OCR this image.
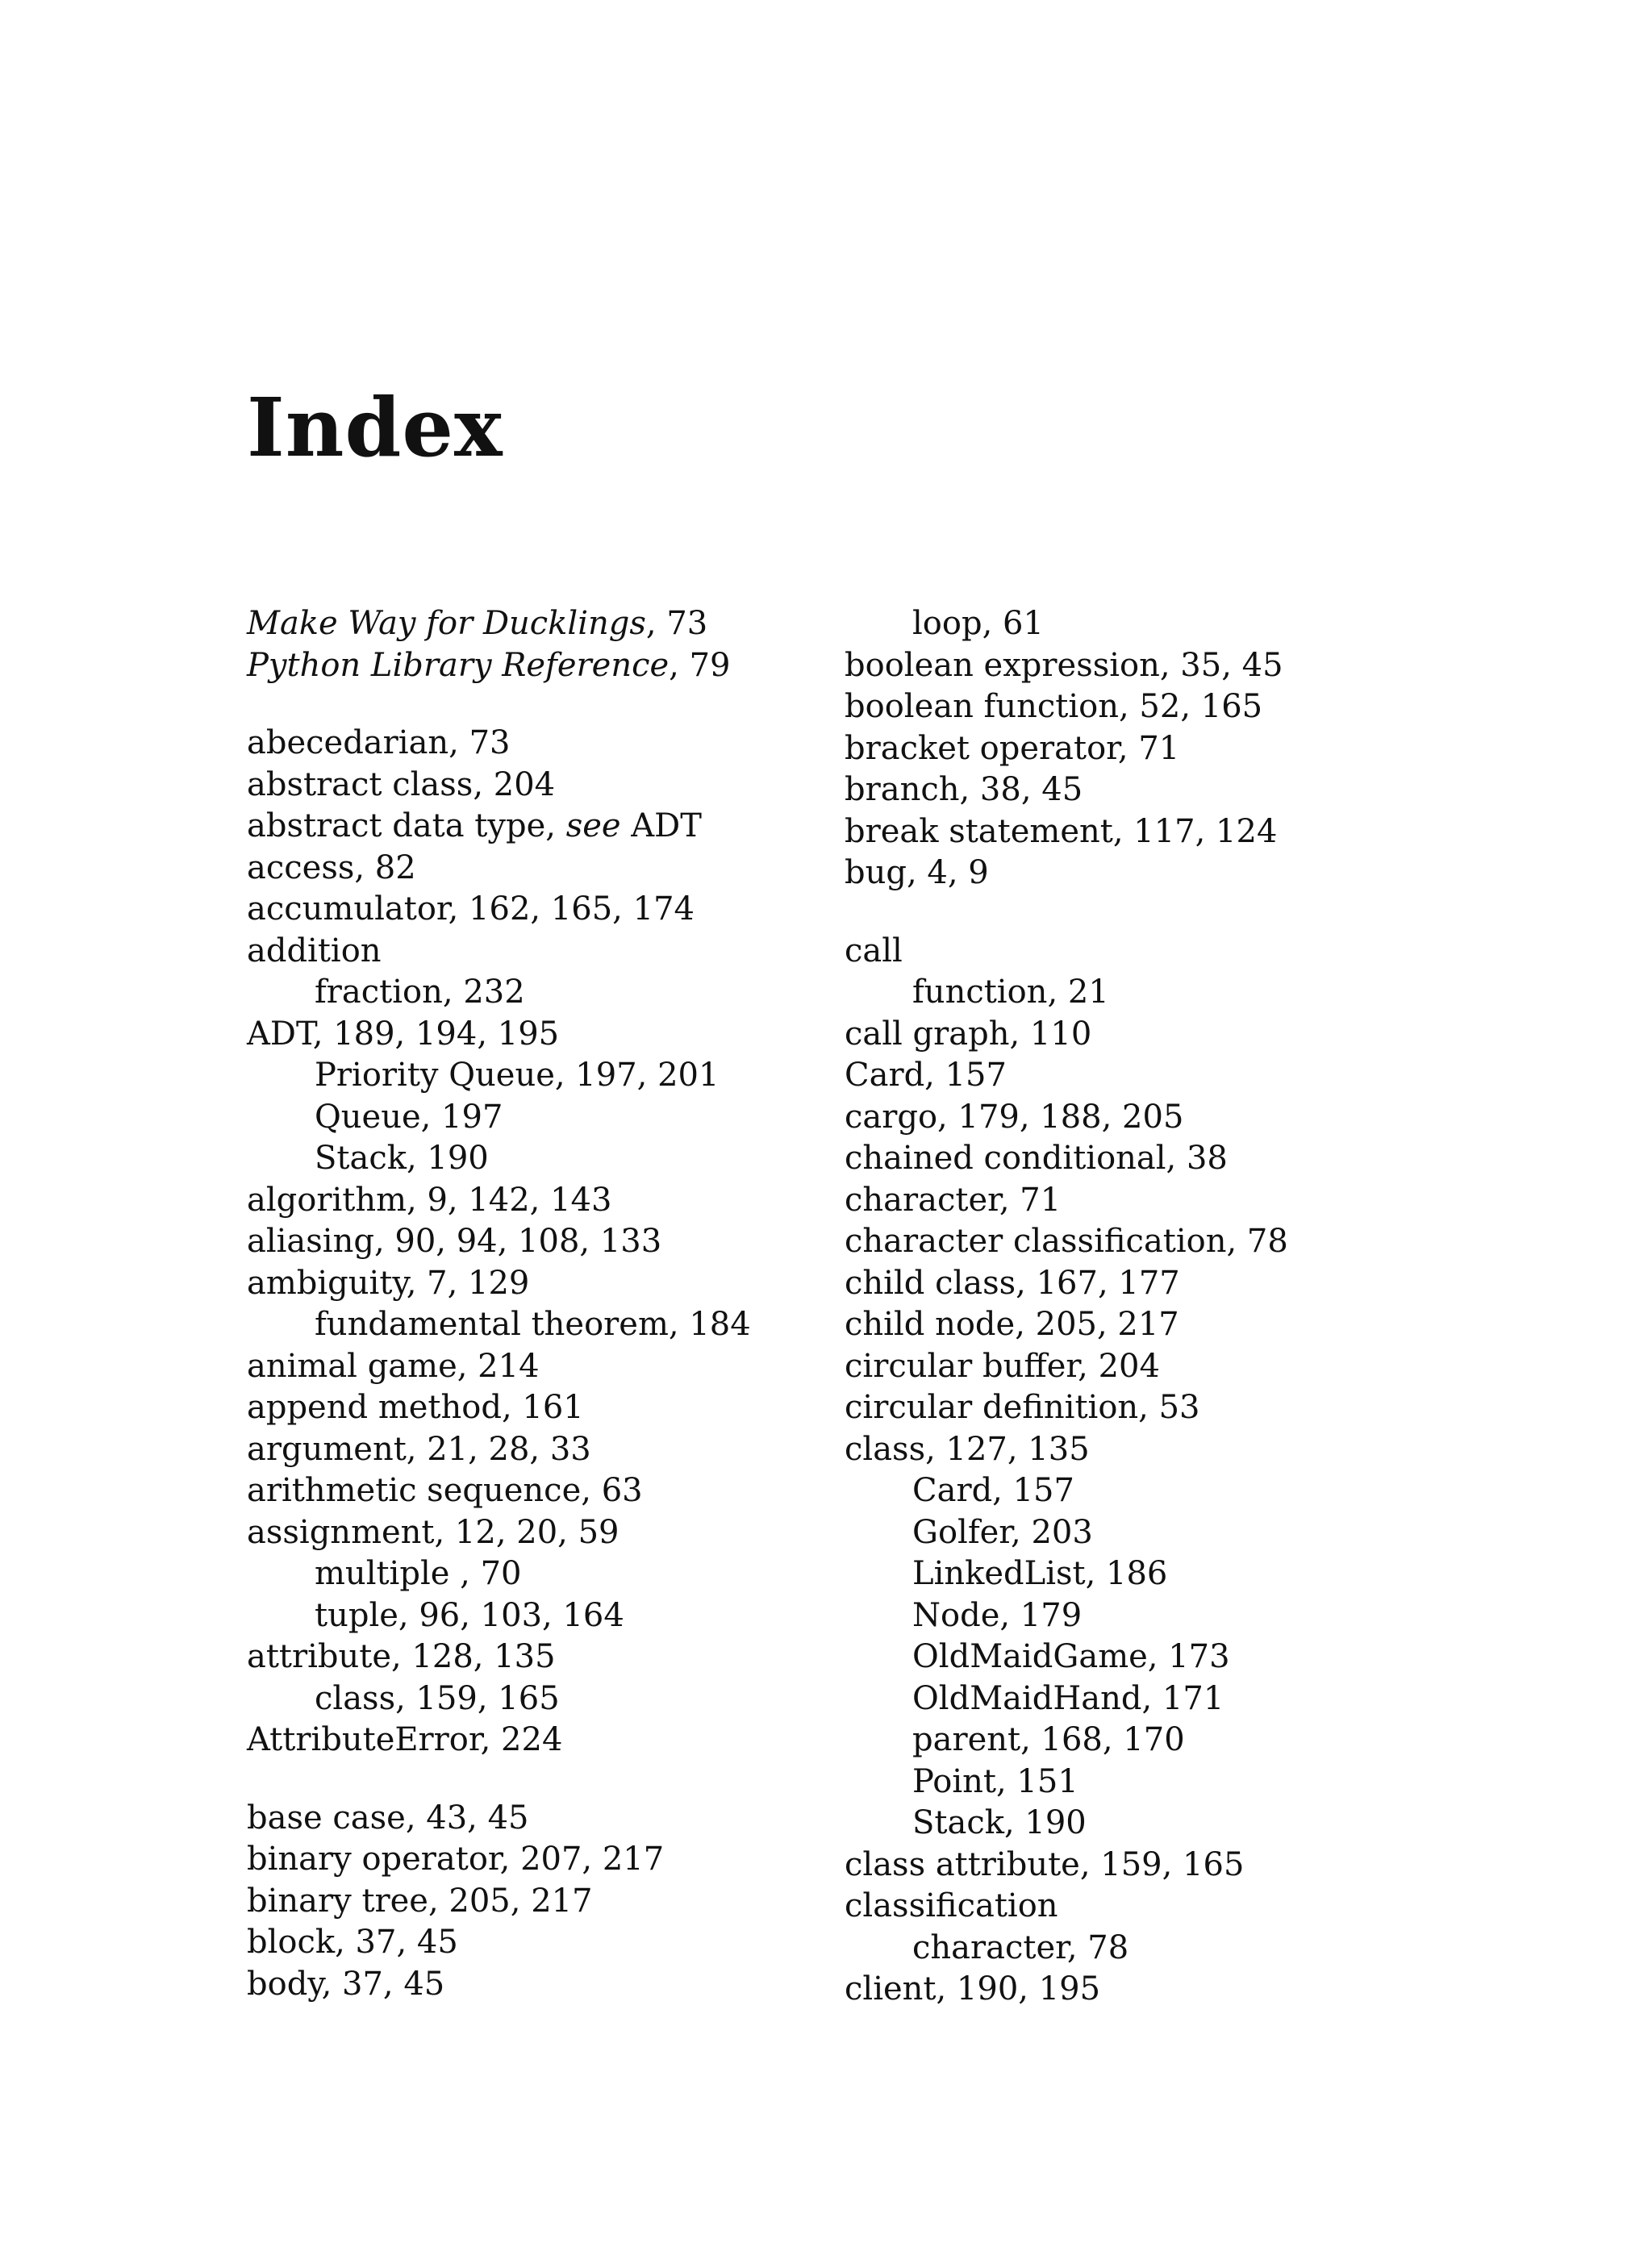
Index
Make Way for Ducklings, 73
Python Library Reference, 79
abecedarian, 73
abstract class, 204
abstract data type, see ADT
access, 82
accumulator, 162, 165, 174
addition
fraction, 232
ADT, 189, 194, 195
Priority Queue, 197, 201
Queue, 197
Stack, 190
algorithm, 9, 142, 143
aliasing, 90, 94, 108, 133
ambiguity, 7, 129
fundamental theorem, 184
animal game, 214
append method, 161
argument, 21, 28, 33
arithmetic sequence, 63
assignment, 12, 20, 59
multiple , 70
tuple, 96, 103, 164
attribute, 128, 135
class, 159, 165
AttributeError, 224
base case, 43, 45
binary operator, 207, 217
binary tree, 205, 217
block, 37, 45
body, 37, 45
loop, 61
boolean expression, 35, 45
boolean function, 52, 165
bracket operator, 71
branch, 38, 45
break statement, 117, 124
bug, 4, 9
call
function, 21
call graph, 110
Card, 157
cargo, 179, 188, 205
chained conditional, 38
character, 71
character classification, 78
child class, 167, 177
child node, 205, 217
circular buffer, 204
circular definition, 53
class, 127, 135
Card, 157
Golfer, 203
LinkedList, 186
Node, 179
OldMaidGame, 173
OldMaidHand, 171
parent, 168, 170
Point, 151
Stack, 190
class attribute, 159, 165
classification
character, 78
client, 190, 195
